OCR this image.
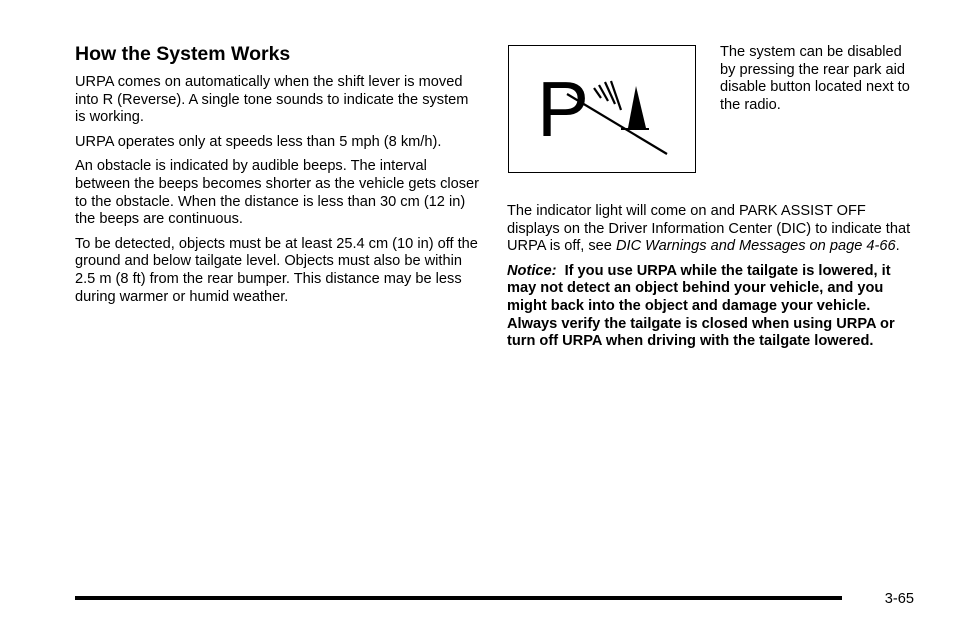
How the System Works

URPA comes on automatically when the shift lever is moved into R (Reverse). A single tone sounds to indicate the system is working.

URPA operates only at speeds less than 5 mph (8 km/h).

An obstacle is indicated by audible beeps. The interval between the beeps becomes shorter as the vehicle gets closer to the obstacle. When the distance is less than 30 cm (12 in) the beeps are continuous.

To be detected, objects must be at least 25.4 cm (10 in) off the ground and below tailgate level. Objects must also be within 2.5 m (8 ft) from the rear bumper. This distance may be less during warmer or humid weather.

P

The system can be disabled by pressing the rear park aid disable button located next to the radio.

The indicator light will come on and PARK ASSIST OFF displays on the Driver Information Center (DIC) to indicate that URPA is off, see DIC Warnings and Messages on page 4-66.

Notice: If you use URPA while the tailgate is lowered, it may not detect an object behind your vehicle, and you might back into the object and damage your vehicle. Always verify the tailgate is closed when using URPA or turn off URPA when driving with the tailgate lowered.

3-65
